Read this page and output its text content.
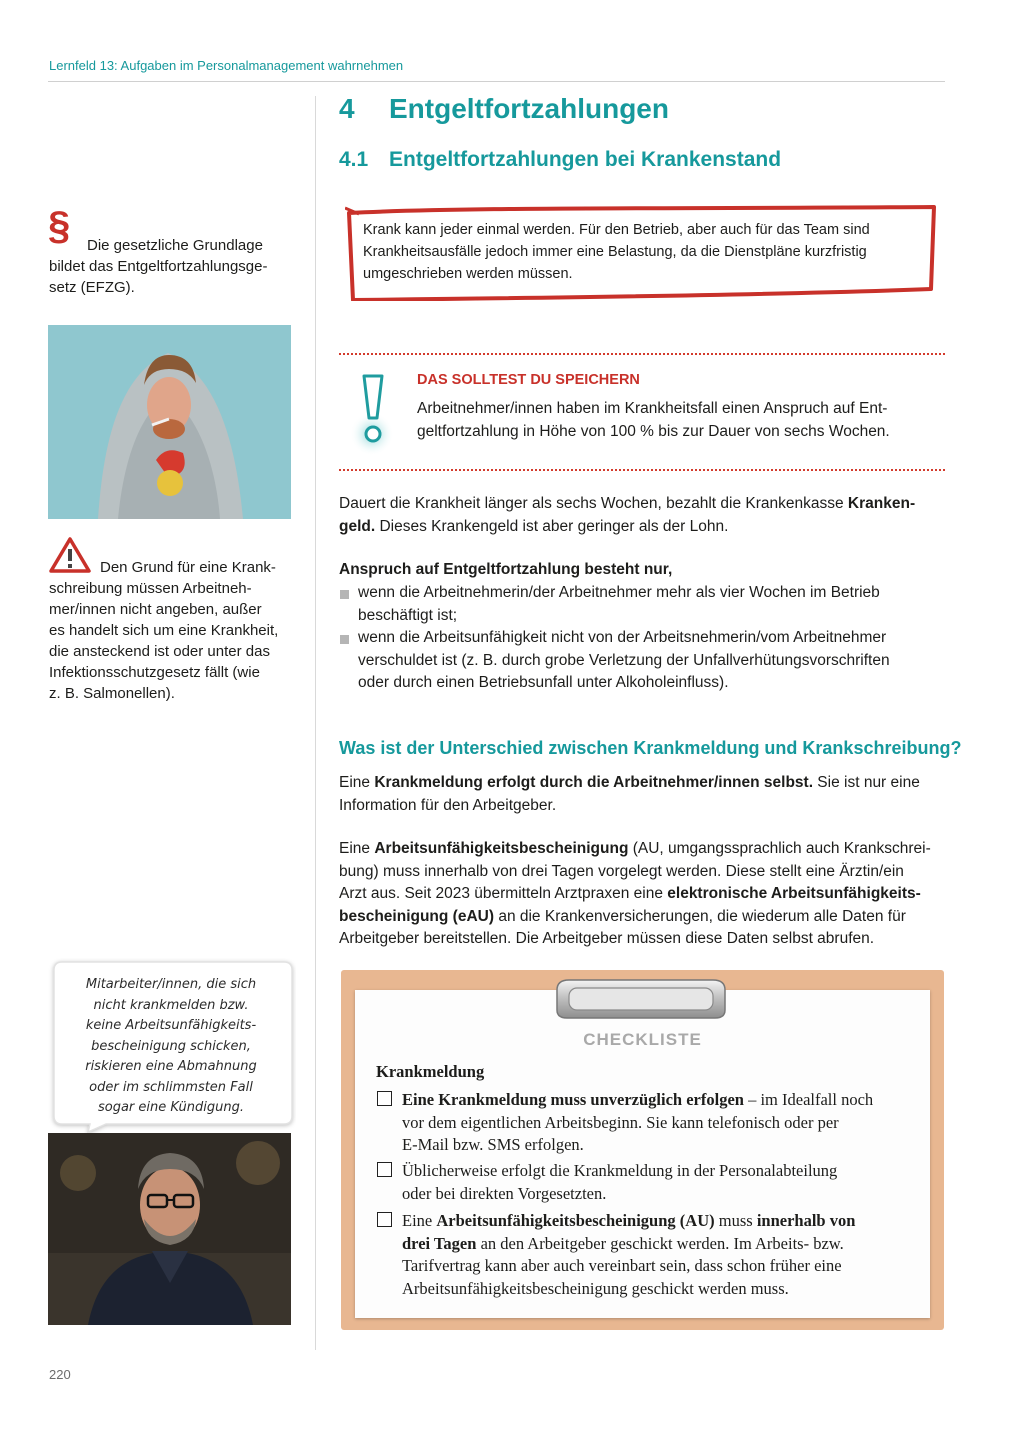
Lernfeld 13: Aufgaben im Personalmanagement wahrnehmen
4 Entgeltfortzahlungen
4.1 Entgeltfortzahlungen bei Krankenstand
Krank kann jeder einmal werden. Für den Betrieb, aber auch für das Team sind
Krankheitsausfälle jedoch immer eine Belastung, da die Dienstpläne kurzfristig
umgeschrieben werden müssen.
DAS SOLLTEST DU SPEICHERN
Arbeitnehmer/innen haben im Krankheitsfall einen Anspruch auf Ent-
geltfortzahlung in Höhe von 100 % bis zur Dauer von sechs Wochen.
Dauert die Krankheit länger als sechs Wochen, bezahlt die Krankenkasse Kranken-
geld. Dieses Krankengeld ist aber geringer als der Lohn.
Anspruch auf Entgeltfortzahlung besteht nur,
wenn die Arbeitnehmerin/der Arbeitnehmer mehr als vier Wochen im Betrieb
beschäftigt ist;
wenn die Arbeitsunfähigkeit nicht von der Arbeitsnehmerin/vom Arbeitnehmer
verschuldet ist (z. B. durch grobe Verletzung der Unfallverhütungsvorschriften
oder durch einen Betriebsunfall unter Alkoholeinfluss).
Was ist der Unterschied zwischen Krankmeldung und Krankschreibung?
Eine Krankmeldung erfolgt durch die Arbeitnehmer/innen selbst. Sie ist nur eine
Information für den Arbeitgeber.
Eine Arbeitsunfähigkeitsbescheinigung (AU, umgangssprachlich auch Krankschrei-
bung) muss innerhalb von drei Tagen vorgelegt werden. Diese stellt eine Ärztin/ein
Arzt aus. Seit 2023 übermitteln Arztpraxen eine elektronische Arbeitsunfähigkeits-
bescheinigung (eAU) an die Krankenversicherungen, die wiederum alle Daten für
Arbeitgeber bereitstellen. Die Arbeitgeber müssen diese Daten selbst abrufen.
CHECKLISTE
Krankmeldung
Eine Krankmeldung muss unverzüglich erfolgen – im Idealfall noch
vor dem eigentlichen Arbeitsbeginn. Sie kann telefonisch oder per
E-Mail bzw. SMS erfolgen.
Üblicherweise erfolgt die Krankmeldung in der Personalabteilung
oder bei direkten Vorgesetzten.
Eine Arbeitsunfähigkeitsbescheinigung (AU) muss innerhalb von
drei Tagen an den Arbeitgeber geschickt werden. Im Arbeits- bzw.
Tarifvertrag kann aber auch vereinbart sein, dass schon früher eine
Arbeitsunfähigkeitsbescheinigung geschickt werden muss.
§	Die gesetzliche Grundlage
bildet das Entgeltfortzahlungsge-
setz (EFZG).
Den Grund für eine Krank-
schreibung müssen Arbeitneh-
mer/innen nicht angeben, außer
es handelt sich um eine Krankheit,
die ansteckend ist oder unter das
Infektionsschutzgesetz fällt (wie
z. B. Salmonellen).
Mitarbeiter/innen, die sich
nicht krankmelden bzw.
keine Arbeitsunfähigkeits-
bescheinigung schicken,
riskieren eine Abmahnung
oder im schlimmsten Fall
sogar eine Kündigung.
220
